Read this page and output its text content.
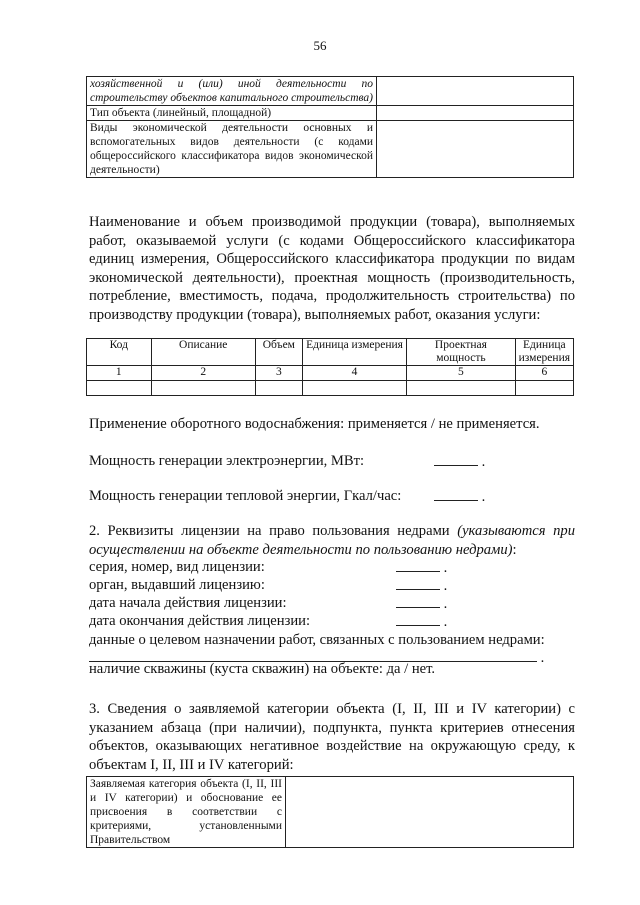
56
хозяйственной и (или) иной деятельности по строительству объектов капитального строительства)	
Тип объекта (линейный, площадной)	
Виды экономической деятельности основных и вспомогательных видов деятельности (с кодами общероссийского классификатора видов экономической деятельности)	
Наименование и объем производимой продукции (товара), выполняемых работ, оказываемой услуги (с кодами Общероссийского классификатора единиц измерения, Общероссийского классификатора продукции по видам экономической деятельности), проектная мощность (производительность, потребление, вместимость, подача, продолжительность строительства) по производству продукции (товара), выполняемых работ, оказания услуги:
Код	Описание	Объем	Единица измерения	Проектная мощность	Единица измерения
1	2	3	4	5	6

Применение оборотного водоснабжения: применяется / не применяется.
Мощность генерации электроэнергии, МВт:	.
Мощность генерации тепловой энергии, Гкал/час:	.
2. Реквизиты лицензии на право пользования недрами (указываются при осуществлении на объекте деятельности по пользованию недрами):
серия, номер, вид лицензии:	.
орган, выдавший лицензию:	.
дата начала действия лицензии:	.
дата окончания действия лицензии:	.
данные о целевом назначении работ, связанных с пользованием недрами:
.
наличие скважины (куста скважин) на объекте: да / нет.
3. Сведения о заявляемой категории объекта (I, II, III и IV категории) с указанием абзаца (при наличии), подпункта, пункта критериев отнесения объектов, оказывающих негативное воздействие на окружающую среду, к объектам I, II, III и IV категорий:
Заявляемая категория объекта (I, II, III и IV категории) и обоснование ее присвоения в соответствии с критериями, установленными Правительством	
